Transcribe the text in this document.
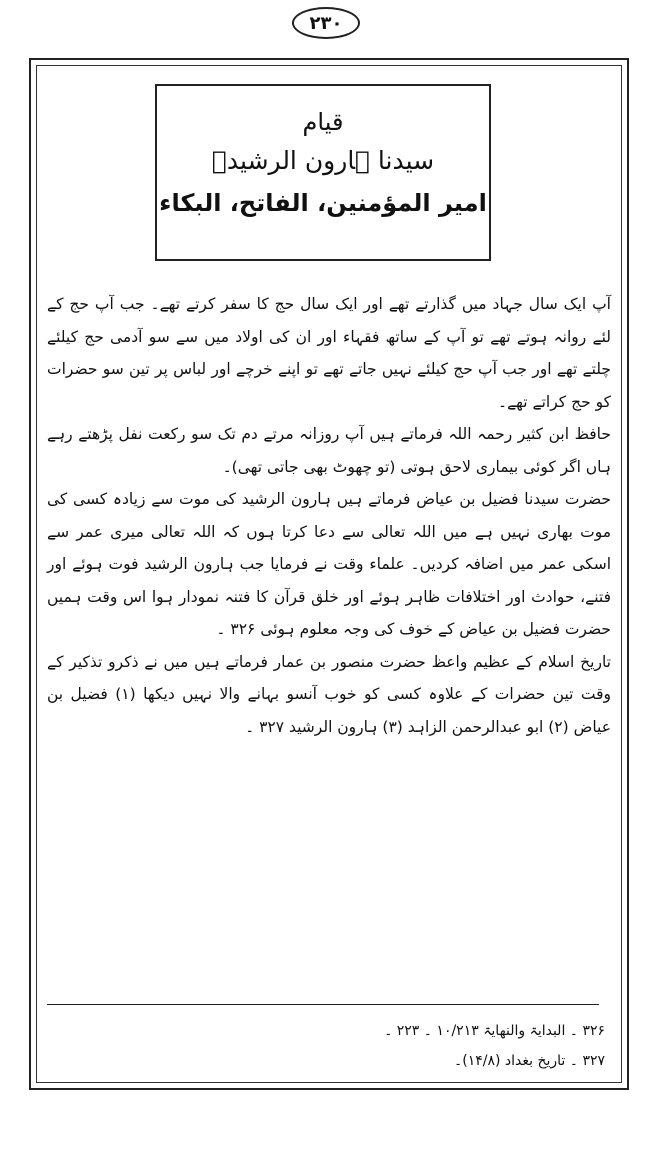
٢٣٠
قیام
سیدنا ہارون الرشیدؒ
امیر المؤمنین، الفاتح، البکاء

آپ ایک سال جہاد میں گذارتے تھے اور ایک سال حج کا سفر کرتے تھے۔ جب آپ حج کے لئے روانہ ہوتے تھے تو آپ کے ساتھ فقہاء اور ان کی اولاد میں سے سو آدمی حج کیلئے چلتے تھے اور جب آپ حج کیلئے نہیں جاتے تھے تو اپنے خرچے اور لباس پر تین سو حضرات کو حج کراتے تھے۔

حافظ ابن کثیر رحمہ اللہ فرماتے ہیں آپ روزانہ مرتے دم تک سو رکعت نفل پڑھتے رہے ہاں اگر کوئی بیماری لاحق ہوتی (تو چھوٹ بھی جاتی تھی)۔

حضرت سیدنا فضیل بن عیاض فرماتے ہیں ہارون الرشید کی موت سے زیادہ کسی کی موت بھاری نہیں ہے میں اللہ تعالی سے دعا کرتا ہوں کہ اللہ تعالی میری عمر سے اسکی عمر میں اضافہ کردیں۔ علماء وقت نے فرمایا جب ہارون الرشید فوت ہوئے اور فتنے، حوادث اور اختلافات ظاہر ہوئے اور خلق قرآن کا فتنہ نمودار ہوا اس وقت ہمیں حضرت فضیل بن عیاض کے خوف کی وجہ معلوم ہوئی ۳۲۶ ۔

تاریخ اسلام کے عظیم واعظ حضرت منصور بن عمار فرماتے ہیں میں نے ذکرو تذکیر کے وقت تین حضرات کے علاوہ کسی کو خوب آنسو بہانے والا نہیں دیکھا (۱) فضیل بن عیاض (۲) ابو عبدالرحمن الزاہد (۳) ہارون الرشید ۳۲۷ ۔

۳۲۶ ۔ البدایۃ والنھایۃ ۱۰/۲۱۳ ۔ ۲۲۳ ۔

۳۲۷ ۔ تاریخ بغداد (۱۴/۸)۔
